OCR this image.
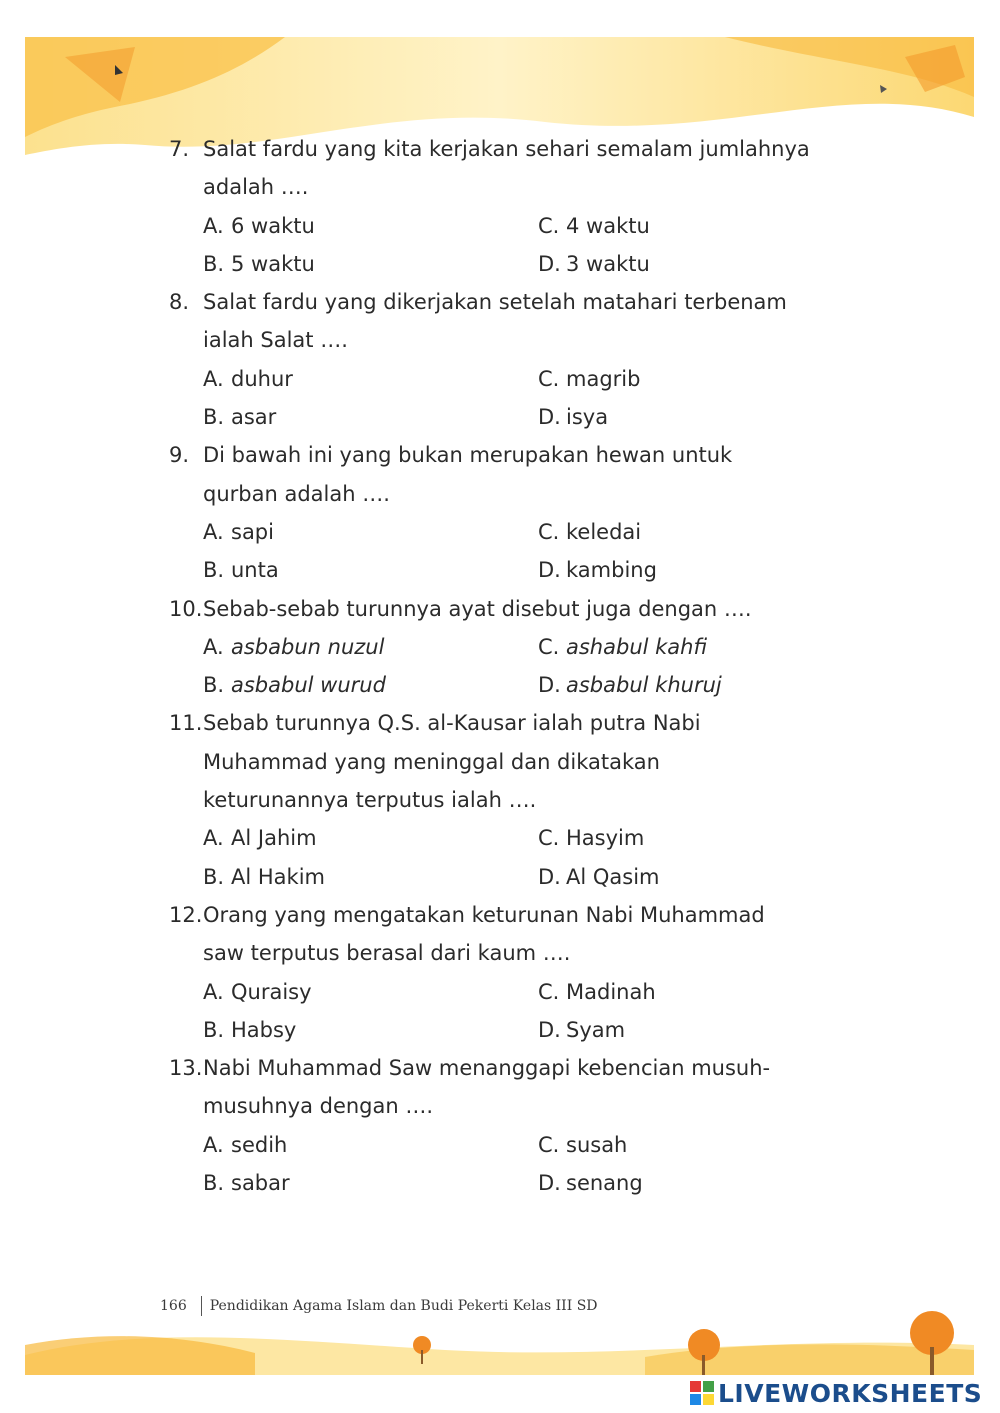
7. Salat fardu yang kita kerjakan sehari semalam jumlahnya
adalah ….
A. 6 waktu	C. 4 waktu
B. 5 waktu	D. 3 waktu
8. Salat fardu yang dikerjakan setelah matahari terbenam
ialah Salat ….
A. duhur	C. magrib
B. asar	D. isya
9. Di bawah ini yang bukan merupakan hewan untuk
qurban adalah ….
A. sapi	C. keledai
B. unta	D. kambing
10. Sebab-sebab turunnya ayat disebut juga dengan ….
A. asbabun nuzul	C. ashabul kahfi
B. asbabul wurud	D. asbabul khuruj
11. Sebab turunnya Q.S. al-Kausar ialah putra Nabi
Muhammad yang meninggal dan dikatakan
keturunannya terputus ialah ….
A. Al Jahim	C. Hasyim
B. Al Hakim	D. Al Qasim
12. Orang yang mengatakan keturunan Nabi Muhammad
saw terputus berasal dari kaum ….
A. Quraisy	C. Madinah
B. Habsy	D. Syam
13. Nabi Muhammad Saw menanggapi kebencian musuh-
musuhnya dengan ….
A. sedih	C. susah
B. sabar	D. senang
166 Pendidikan Agama Islam dan Budi Pekerti Kelas III SD
LIVEWORKSHEETS
